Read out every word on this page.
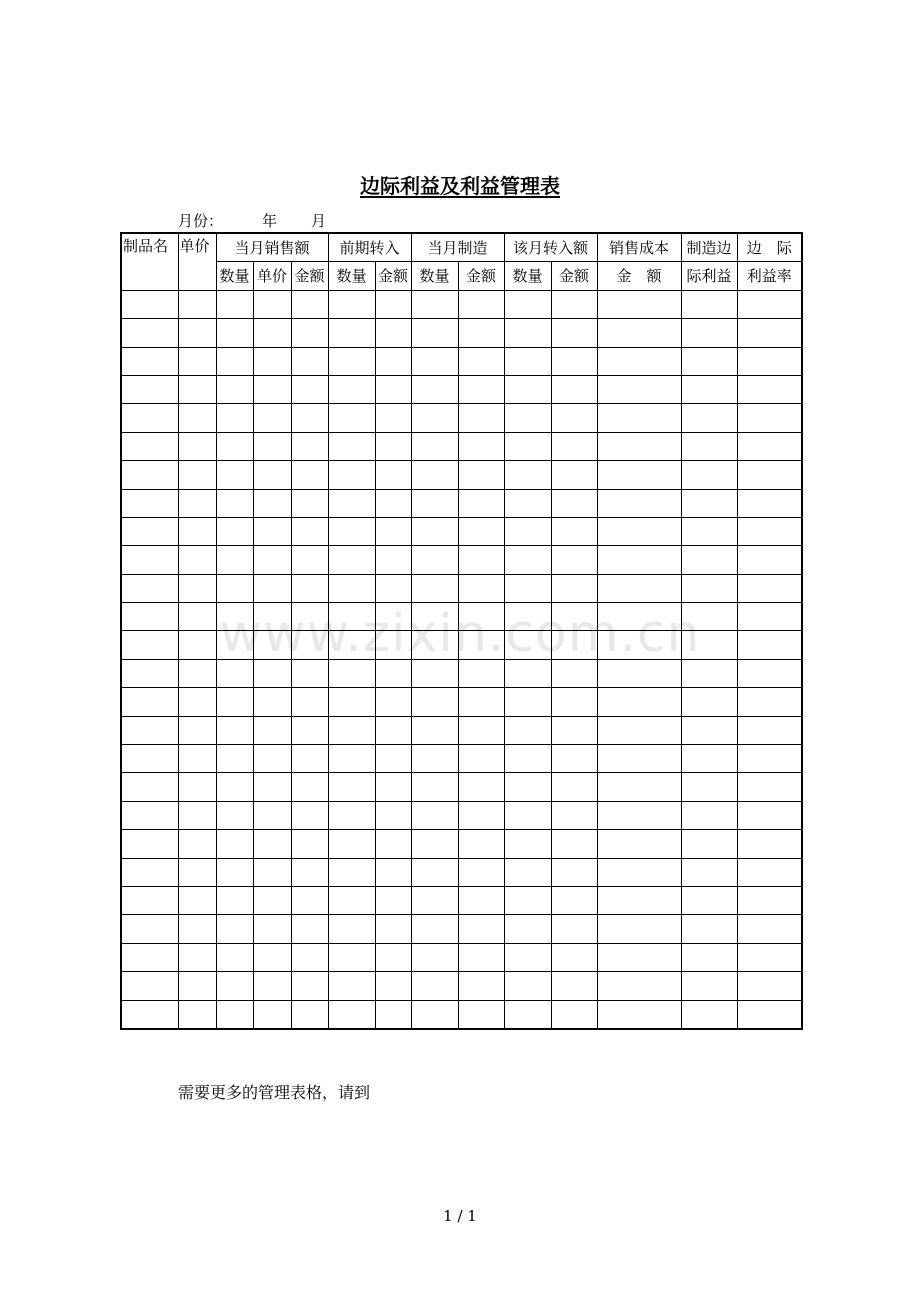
边际利益及利益管理表
月份：	年 月
制品名	单价	当月销售额			前期转入		当月制造		该月转入额		销售成本	制造边	边　际
		数量	单价	金额	数量	金额	数量	金额	数量	金额	金　额	际利益	利益率

www.zixin.com.cn
需要更多的管理表格，请到
1 / 1
